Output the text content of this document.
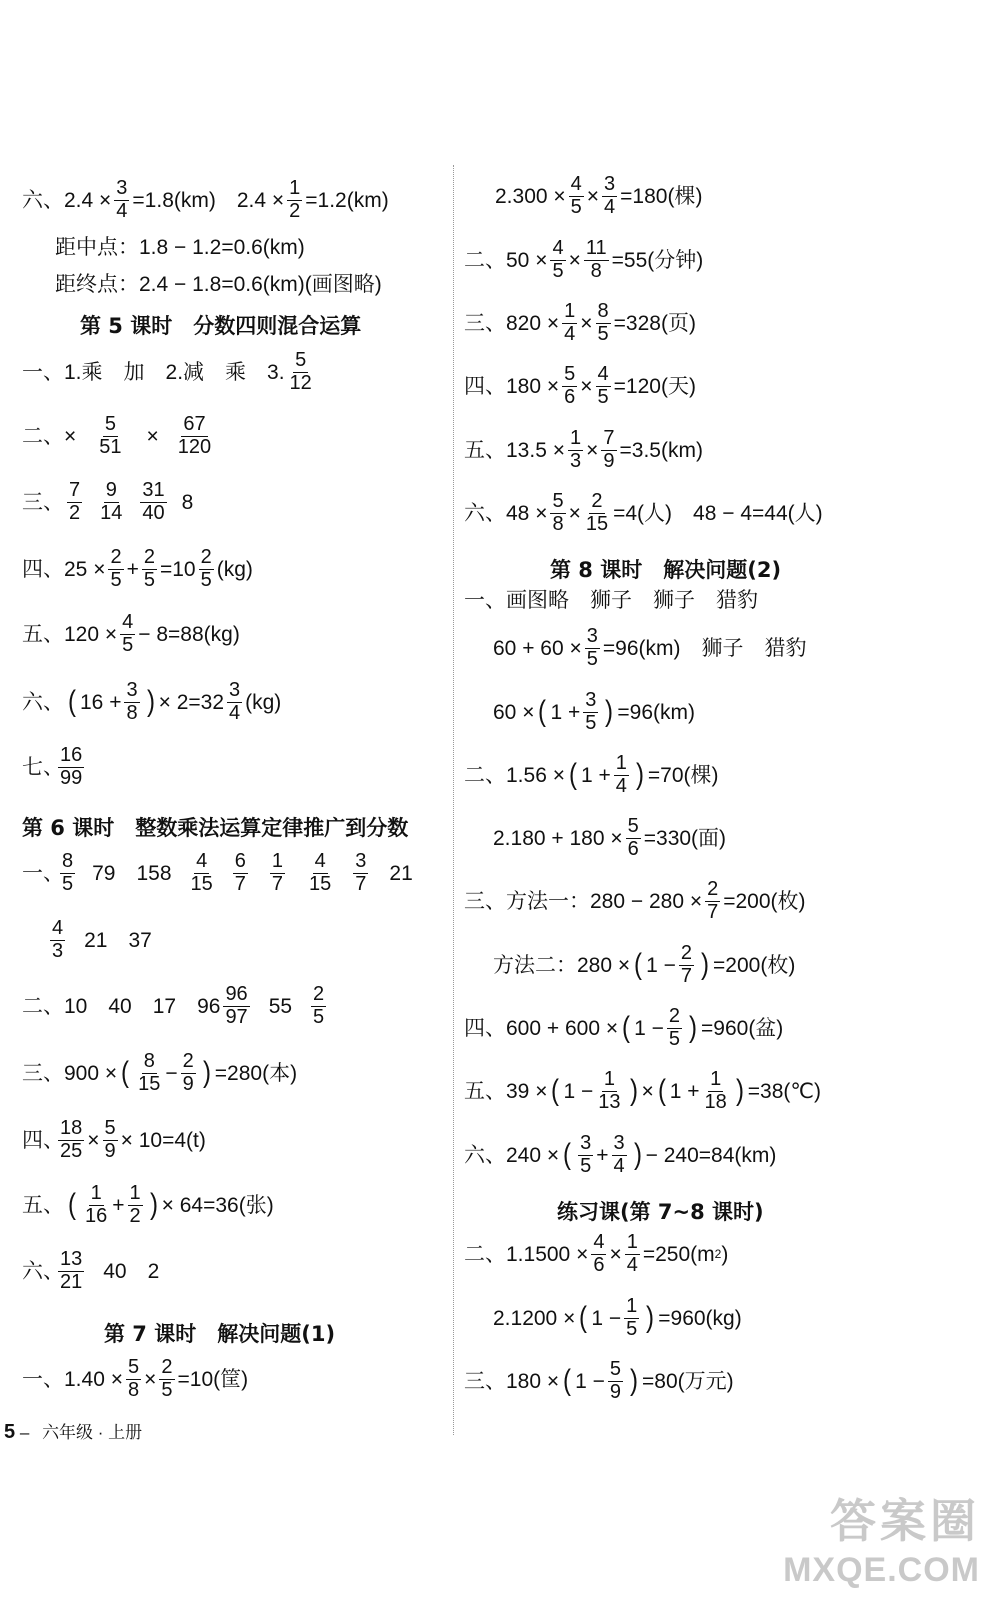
六、$2.4 \times \frac{3}{4} =1.8(km)$　$2.4 \times \frac{1}{2} =1.2(km)$
距中点：1.8 − 1.2=0.6(km)
距终点：2.4 − 1.8=0.6(km)(画图略)
第 5 课时　分数四则混合运算
一、1.乘　加　2.减　乘　3.
5
12
二、×
5
51 ×
67
120
三、
7
2
9
14
31
40 8
四、$25 \times \frac{2}{5} + \frac{2}{5} =10$
2
5 (kg)
五、$120 \times \frac{4}{5} - 8=88(kg)$
六、 ( $16 + \frac{3}{8}$ ) × 2=32
3
4 (kg)
七、
16
99
第 6 课时　整数乘法运算定律推广到分数
一、
8
5 79　158
4
15
6
7
1
7
4
15
3
7 21
4
3 21　37
二、10　40　17　96
96
97 55
2
5
三、900 × ( 8
$15 - \frac{2}{9}$ ) =280(本)
四、
$\frac{18}{25} \times \frac{5}{9} \times 10=4(t)$
五、 ( 1
$16 + \frac{1}{2}$ ) × 64=36(张)
六、
13
21 40　2
第 7 课时　解决问题(1)
一、$1.40 \times \frac{5}{8} \times \frac{2}{5} =10$(筐)
$2.300 \times \frac{4}{5} \times \frac{3}{4} =180$(棵)
二、$50 \times \frac{4}{5} \times \frac{11}{8} =55$(分钟)
三、$820 \times \frac{1}{4} \times \frac{8}{5} =328$(页)
四、$180 \times \frac{5}{6} \times \frac{4}{5} =120$(天)
五、$13.5 \times \frac{1}{3} \times \frac{7}{9} =3.5(km)$
六、$48 \times \frac{5}{8} \times \frac{2}{15} =4$(人)　48 − 4=44(人)
第 8 课时　解决问题(2)
一、画图略　狮子　狮子　猎豹
$60 + 60 \times \frac{3}{5} =96(km)$　狮子　猎豹
60 × ( $1 + \frac{3}{5}$ ) =96(km)
二、1.56 × ( $1 + \frac{1}{4}$ ) =70(棵)
$2.180 + 180 \times \frac{5}{6} =330$(面)
三、方法一：$280 - 280 \times \frac{2}{7} =200$(枚)
方法二：280 × ( $1 - \frac{2}{7}$ ) =200(枚)
四、600 + 600 × ( $1 - \frac{2}{5}$ ) =960(盆)
五、39 × ( $1 - \frac{1}{13}$ ) × ( $1 + \frac{1}{18}$ ) =38(℃)
六、240 × ( 3
$5 + \frac{3}{4}$ ) − 240=84(km)
练习课(第 7~8 课时)
二、$1.1500 \times \frac{4}{6} \times \frac{1}{4} =250(m$ 2 )
2.1200 × ( $1 - \frac{1}{5}$ ) =960(kg)
三、180 × ( $1 - \frac{5}{9}$ ) =80(万元)
5 – 六年级 · 上册
答案圈
MXQE.COM
